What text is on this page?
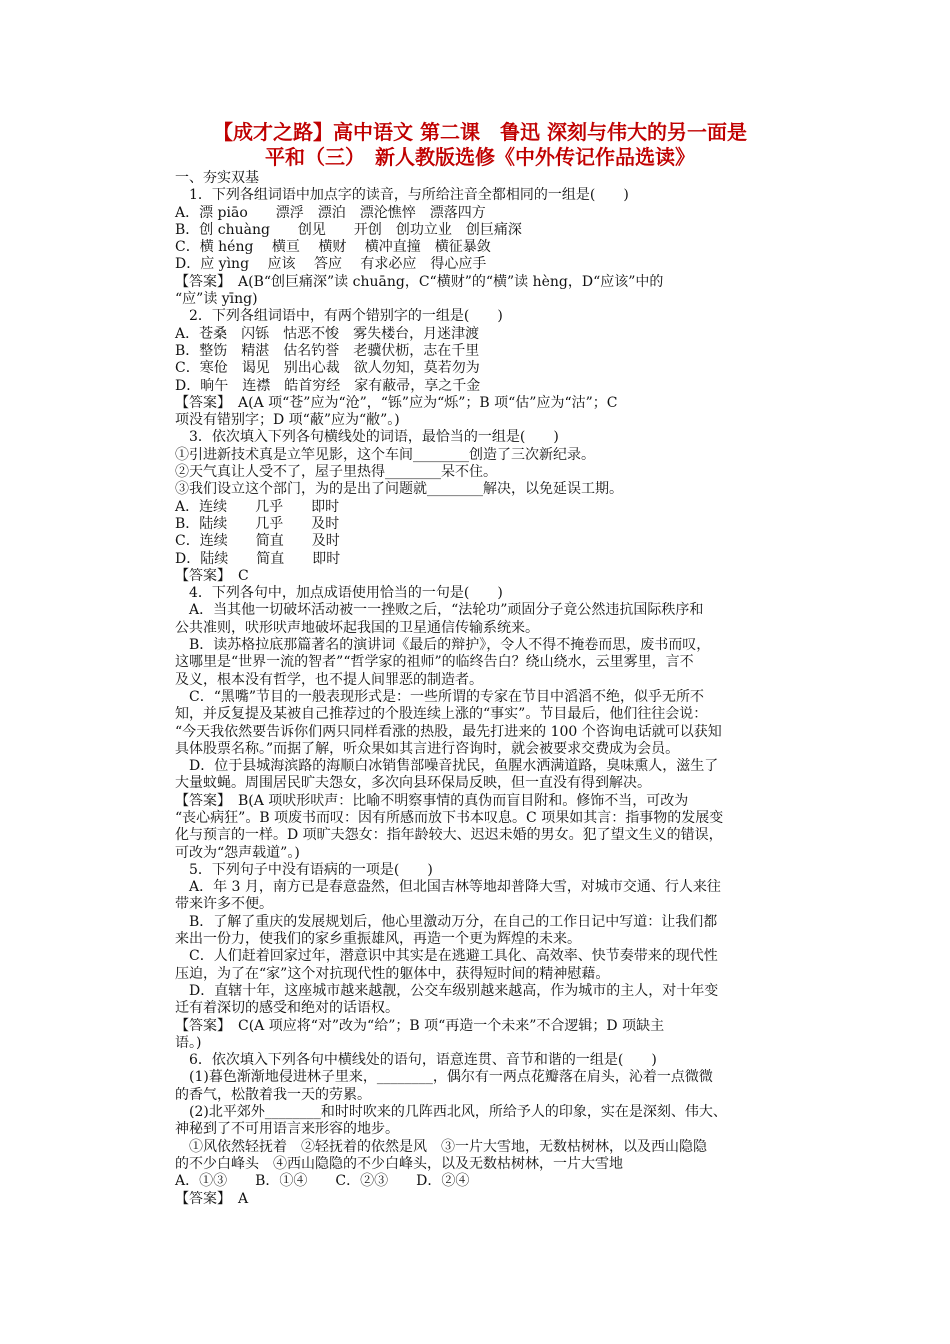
【成才之路】高中语文 第二课　鲁迅 深刻与伟大的另一面是
平和（三）　新人教版选修《中外传记作品选读》

一、夯实双基

　1．下列各组词语中加点字的读音，与所给注音全都相同的一组是(　　)

A．漂 piāo　　漂浮　漂泊　漂沦憔悴　漂落四方

B．创 chuàng　　创见　　开创　创功立业　创巨痛深

C．横 héng　 横亘　 横财　 横冲直撞　横征暴敛

D．应 yìng　 应该　 答应　 有求必应　得心应手

【答案】　A(B“创巨痛深”读 chuāng，C“横财”的“横”读 hèng，D“应该”中的

“应”读 yīng)

　2．下列各组词语中，有两个错别字的一组是(　　)

A．苍桑　闪铄　怙恶不悛　雾失楼台，月迷津渡

B．整饬　精湛　估名钓誉　老骥伏枥，志在千里

C．寒伧　谒见　别出心裁　欲人勿知，莫若勿为

D．晌午　连襟　皓首穷经　家有蔽帚，享之千金

【答案】　A(A 项“苍”应为“沧”，“铄”应为“烁”；B 项“估”应为“沽”；C

项没有错别字；D 项“蔽”应为“敝”。)

　3．依次填入下列各句横线处的词语，最恰当的一组是(　　)

①引进新技术真是立竿见影，这个车间________创造了三次新纪录。

②天气真让人受不了，屋子里热得________呆不住。

③我们设立这个部门，为的是出了问题就________解决，以免延误工期。

A．连续　　几乎　　即时

B．陆续　　几乎　　及时

C．连续　　简直　　及时

D．陆续　　简直　　即时

【答案】　C

　4．下列各句中，加点成语使用恰当的一句是(　　)

　A．当其他一切破坏活动被一一挫败之后，“法轮功”顽固分子竟公然违抗国际秩序和

公共准则，吠形吠声地破坏起我国的卫星通信传输系统来。

　B．读苏格拉底那篇著名的演讲词《最后的辩护》，令人不得不掩卷而思，废书而叹，

这哪里是“世界一流的智者”“哲学家的祖师”的临终告白？绕山绕水，云里雾里，言不

及义，根本没有哲学，也不提人间罪恶的制造者。

　C．“黑嘴”节目的一般表现形式是：一些所谓的专家在节目中滔滔不绝，似乎无所不

知，并反复提及某被自己推荐过的个股连续上涨的“事实”。节目最后，他们往往会说：

“今天我依然要告诉你们两只同样看涨的热股，最先打进来的 100 个咨询电话就可以获知

具体股票名称。”而据了解，听众果如其言进行咨询时，就会被要求交费成为会员。

　D．位于县城海滨路的海顺白冰销售部噪音扰民，鱼腥水洒满道路，臭味熏人，滋生了

大量蚊蝇。周围居民旷夫怨女，多次向县环保局反映，但一直没有得到解决。

【答案】　B(A 项吠形吠声：比喻不明察事情的真伪而盲目附和。修饰不当，可改为

“丧心病狂”。B 项废书而叹：因有所感而放下书本叹息。C 项果如其言：指事物的发展变

化与预言的一样。D 项旷夫怨女：指年龄较大、迟迟未婚的男女。犯了望文生义的错误，

可改为“怨声载道”。)

　5．下列句子中没有语病的一项是(　　)

　A．年 3 月，南方已是春意盎然，但北国吉林等地却普降大雪，对城市交通、行人来往

带来许多不便。

　B．了解了重庆的发展规划后，他心里激动万分，在自己的工作日记中写道：让我们都

来出一份力，使我们的家乡重振雄风，再造一个更为辉煌的未来。

　C．人们赶着回家过年，潜意识中其实是在逃避工具化、高效率、快节奏带来的现代性

压迫，为了在“家”这个对抗现代性的躯体中，获得短时间的精神慰藉。

　D．直辖十年，这座城市越来越靓，公交车级别越来越高，作为城市的主人，对十年变

迁有着深切的感受和绝对的话语权。

【答案】　C(A 项应将“对”改为“给”；B 项“再造一个未来”不合逻辑；D 项缺主

语。)

　6．依次填入下列各句中横线处的语句，语意连贯、音节和谐的一组是(　　)

　(1)暮色渐渐地侵进林子里来，________，偶尔有一两点花瓣落在肩头，沁着一点微微

的香气，松散着我一天的劳累。

　(2)北平郊外________和时时吹来的几阵西北风，所给予人的印象，实在是深刻、伟大、

神秘到了不可用语言来形容的地步。

　①风依然轻抚着　②轻抚着的依然是风　③一片大雪地，无数枯树林，以及西山隐隐

的不少白峰头　④西山隐隐的不少白峰头，以及无数枯树林，一片大雪地

A．①③　　B．①④　　C．②③　　D．②④

【答案】　A
